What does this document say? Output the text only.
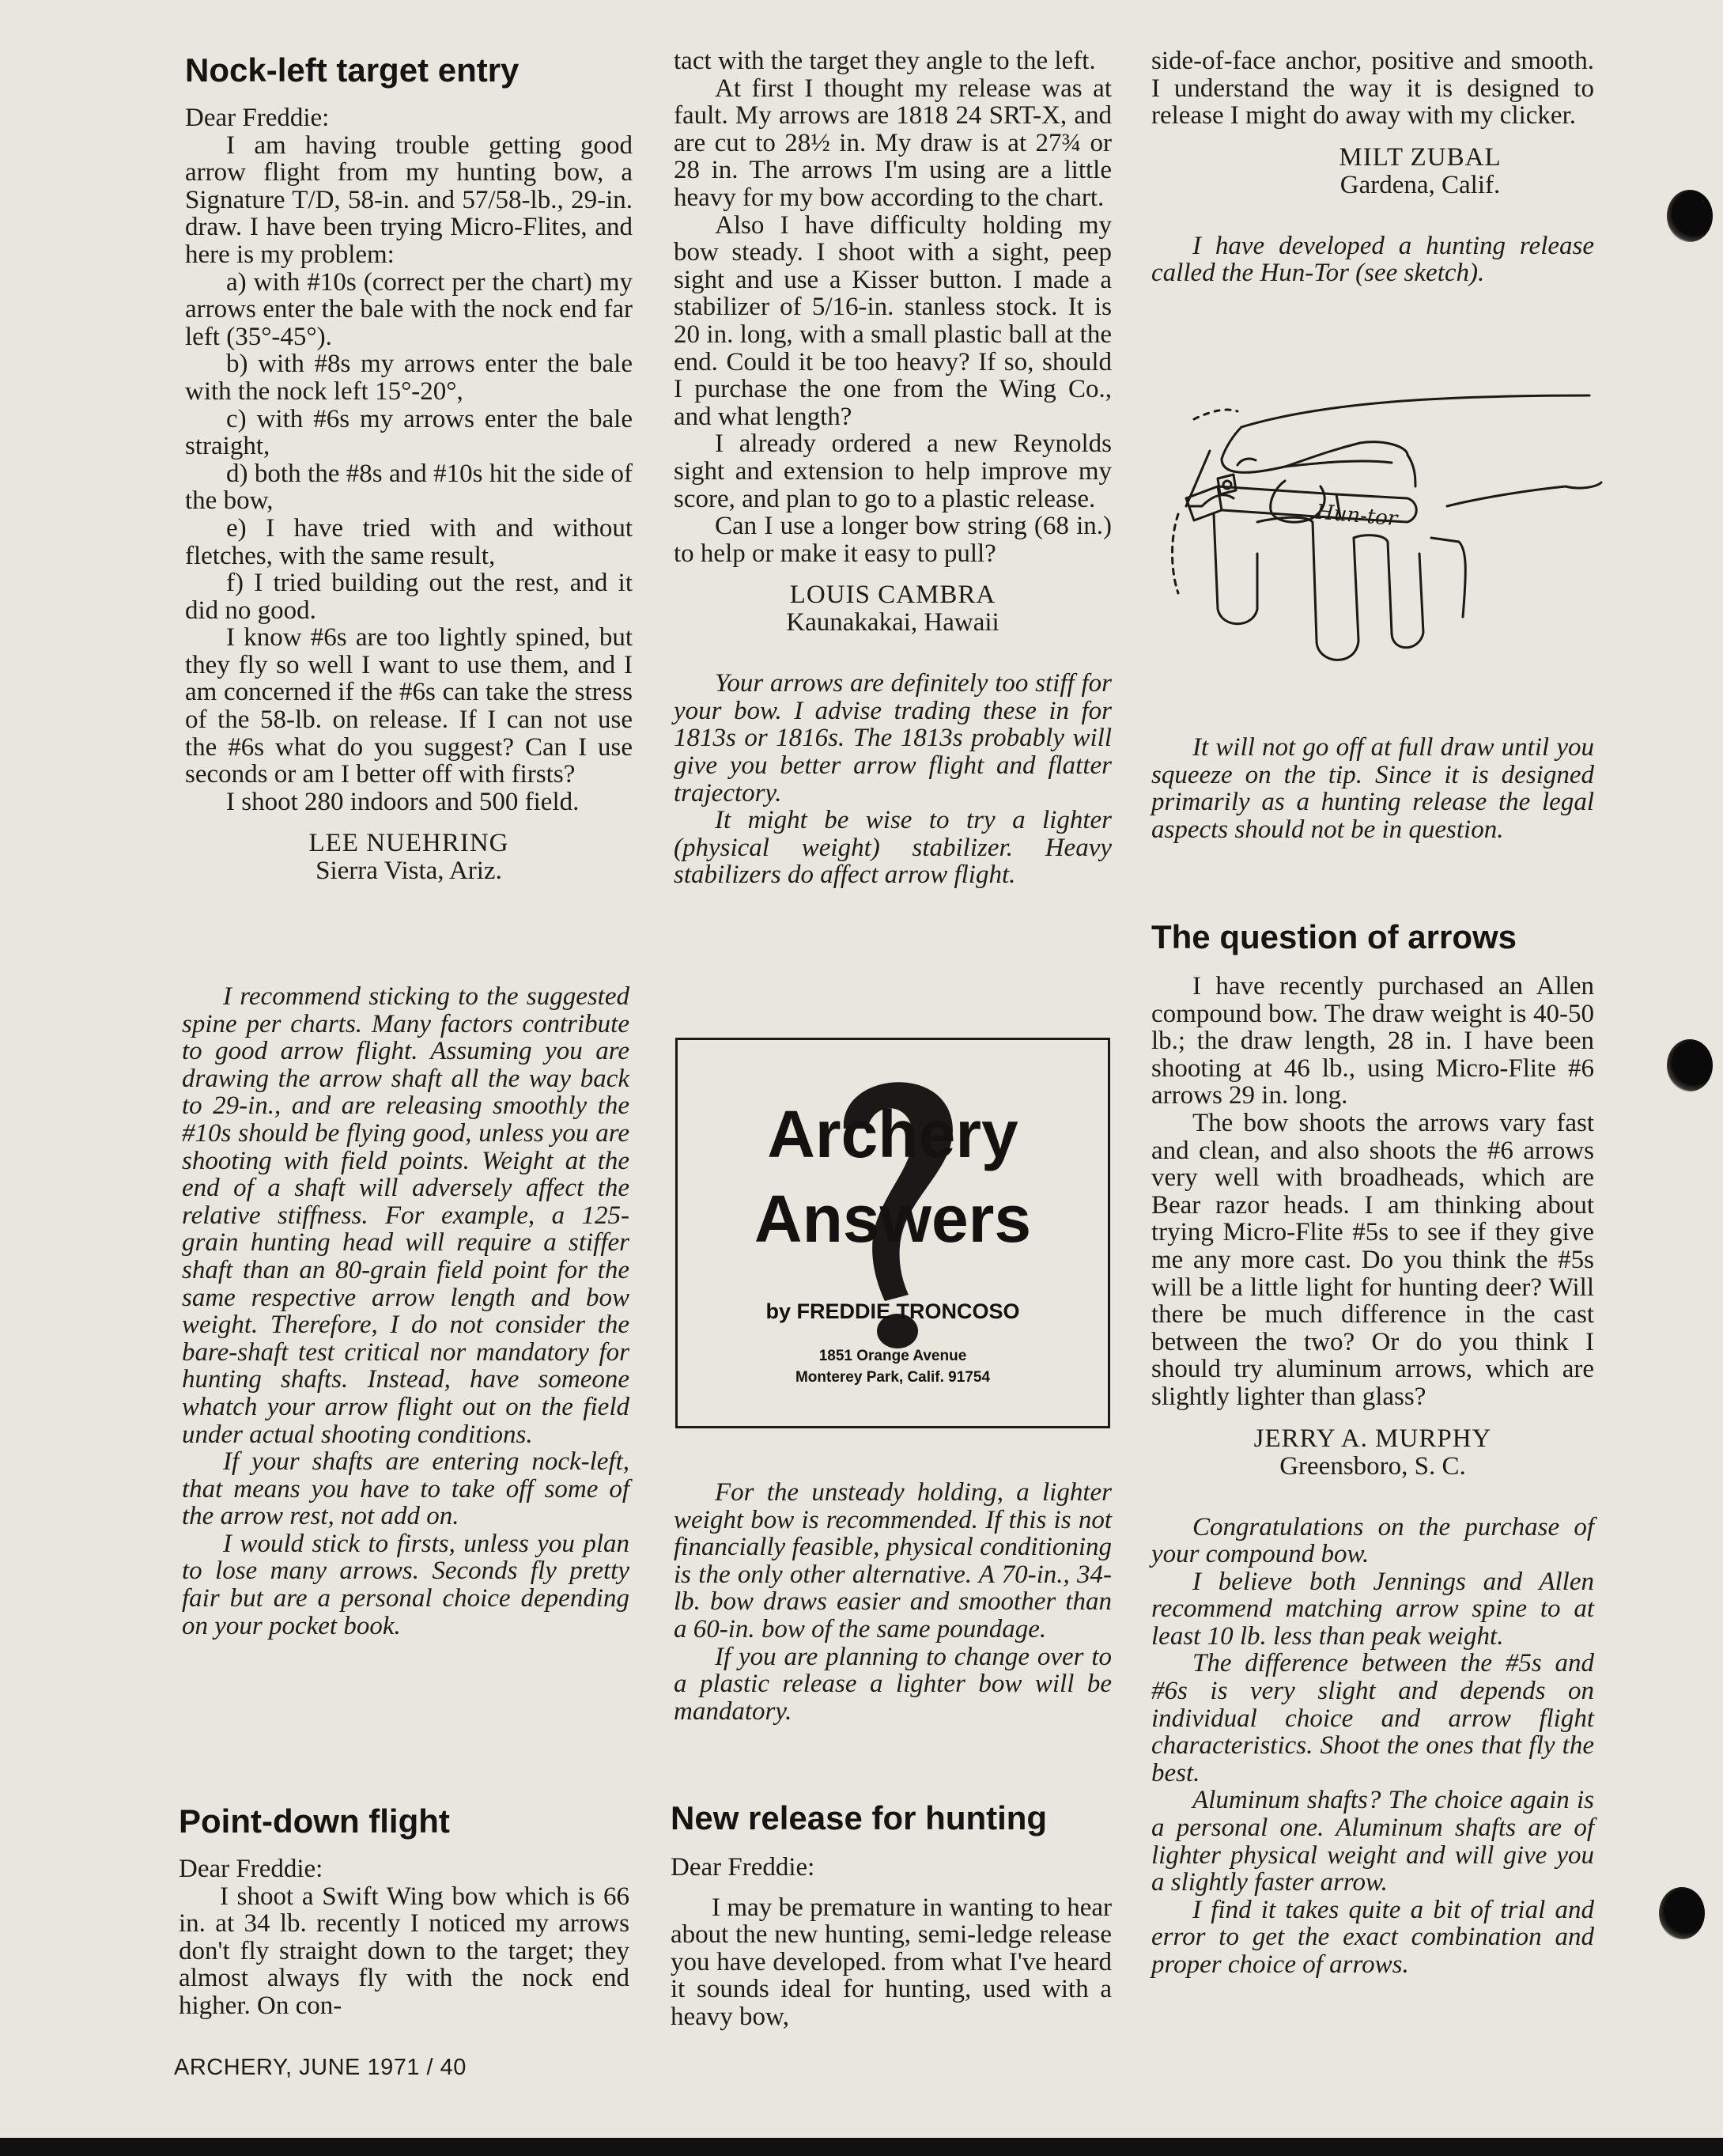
Nock-left target entry

Dear Freddie:

I am having trouble getting good arrow flight from my hunting bow, a Signature T/D, 58-in. and 57/58-lb., 29-in. draw. I have been trying Micro-Flites, and here is my problem:

a) with #10s (correct per the chart) my arrows enter the bale with the nock end far left (35°-45°).

b) with #8s my arrows enter the bale with the nock left 15°-20°,

c) with #6s my arrows enter the bale straight,

d) both the #8s and #10s hit the side of the bow,

e) I have tried with and without fletches, with the same result,

f) I tried building out the rest, and it did no good.

I know #6s are too lightly spined, but they fly so well I want to use them, and I am concerned if the #6s can take the stress of the 58-lb. on release. If I can not use the #6s what do you suggest? Can I use seconds or am I better off with firsts?

I shoot 280 indoors and 500 field.

LEE NUEHRING
Sierra Vista, Ariz.

I recommend sticking to the suggested spine per charts. Many factors contribute to good arrow flight. Assuming you are drawing the arrow shaft all the way back to 29-in., and are releasing smoothly the #10s should be flying good, unless you are shooting with field points. Weight at the end of a shaft will adversely affect the relative stiffness. For example, a 125-grain hunting head will require a stiffer shaft than an 80-grain field point for the same respective arrow length and bow weight. Therefore, I do not consider the bare-shaft test critical nor mandatory for hunting shafts. Instead, have someone whatch your arrow flight out on the field under actual shooting conditions.

If your shafts are entering nock-left, that means you have to take off some of the arrow rest, not add on.

I would stick to firsts, unless you plan to lose many arrows. Seconds fly pretty fair but are a personal choice depending on your pocket book.

Point-down flight

Dear Freddie:

I shoot a Swift Wing bow which is 66 in. at 34 lb. recently I noticed my arrows don't fly straight down to the target; they almost always fly with the nock end higher. On con-

tact with the target they angle to the left.

At first I thought my release was at fault. My arrows are 1818 24 SRT-X, and are cut to 28½ in. My draw is at 27¾ or 28 in. The arrows I'm using are a little heavy for my bow according to the chart.

Also I have difficulty holding my bow steady. I shoot with a sight, peep sight and use a Kisser button. I made a stabilizer of 5/16-in. stanless stock. It is 20 in. long, with a small plastic ball at the end. Could it be too heavy? If so, should I purchase the one from the Wing Co., and what length?

I already ordered a new Reynolds sight and extension to help improve my score, and plan to go to a plastic release.

Can I use a longer bow string (68 in.) to help or make it easy to pull?

LOUIS CAMBRA
Kaunakakai, Hawaii

Your arrows are definitely too stiff for your bow. I advise trading these in for 1813s or 1816s. The 1813s probably will give you better arrow flight and flatter trajectory.

It might be wise to try a lighter (physical weight) stabilizer. Heavy stabilizers do affect arrow flight.

Archery
Answers
by FREDDIE TRONCOSO
1851 Orange Avenue
Monterey Park, Calif. 91754

For the unsteady holding, a lighter weight bow is recommended. If this is not financially feasible, physical conditioning is the only other alternative. A 70-in., 34-lb. bow draws easier and smoother than a 60-in. bow of the same poundage.

If you are planning to change over to a plastic release a lighter bow will be mandatory.

New release for hunting

Dear Freddie:

I may be premature in wanting to hear about the new hunting, semi-ledge release you have developed. from what I've heard it sounds ideal for hunting, used with a heavy bow,

side-of-face anchor, positive and smooth. I understand the way it is designed to release I might do away with my clicker.

MILT ZUBAL
Gardena, Calif.

I have developed a hunting release called the Hun-Tor (see sketch).

Hun-tor

It will not go off at full draw until you squeeze on the tip. Since it is designed primarily as a hunting release the legal aspects should not be in question.

The question of arrows

I have recently purchased an Allen compound bow. The draw weight is 40-50 lb.; the draw length, 28 in. I have been shooting at 46 lb., using Micro-Flite #6 arrows 29 in. long.

The bow shoots the arrows vary fast and clean, and also shoots the #6 arrows very well with broadheads, which are Bear razor heads. I am thinking about trying Micro-Flite #5s to see if they give me any more cast. Do you think the #5s will be a little light for hunting deer? Will there be much difference in the cast between the two? Or do you think I should try aluminum arrows, which are slightly lighter than glass?

JERRY A. MURPHY
Greensboro, S. C.

Congratulations on the purchase of your compound bow.

I believe both Jennings and Allen recommend matching arrow spine to at least 10 lb. less than peak weight.

The difference between the #5s and #6s is very slight and depends on individual choice and arrow flight characteristics. Shoot the ones that fly the best.

Aluminum shafts? The choice again is a personal one. Aluminum shafts are of lighter physical weight and will give you a slightly faster arrow.

I find it takes quite a bit of trial and error to get the exact combination and proper choice of arrows.

ARCHERY, JUNE 1971 / 40
